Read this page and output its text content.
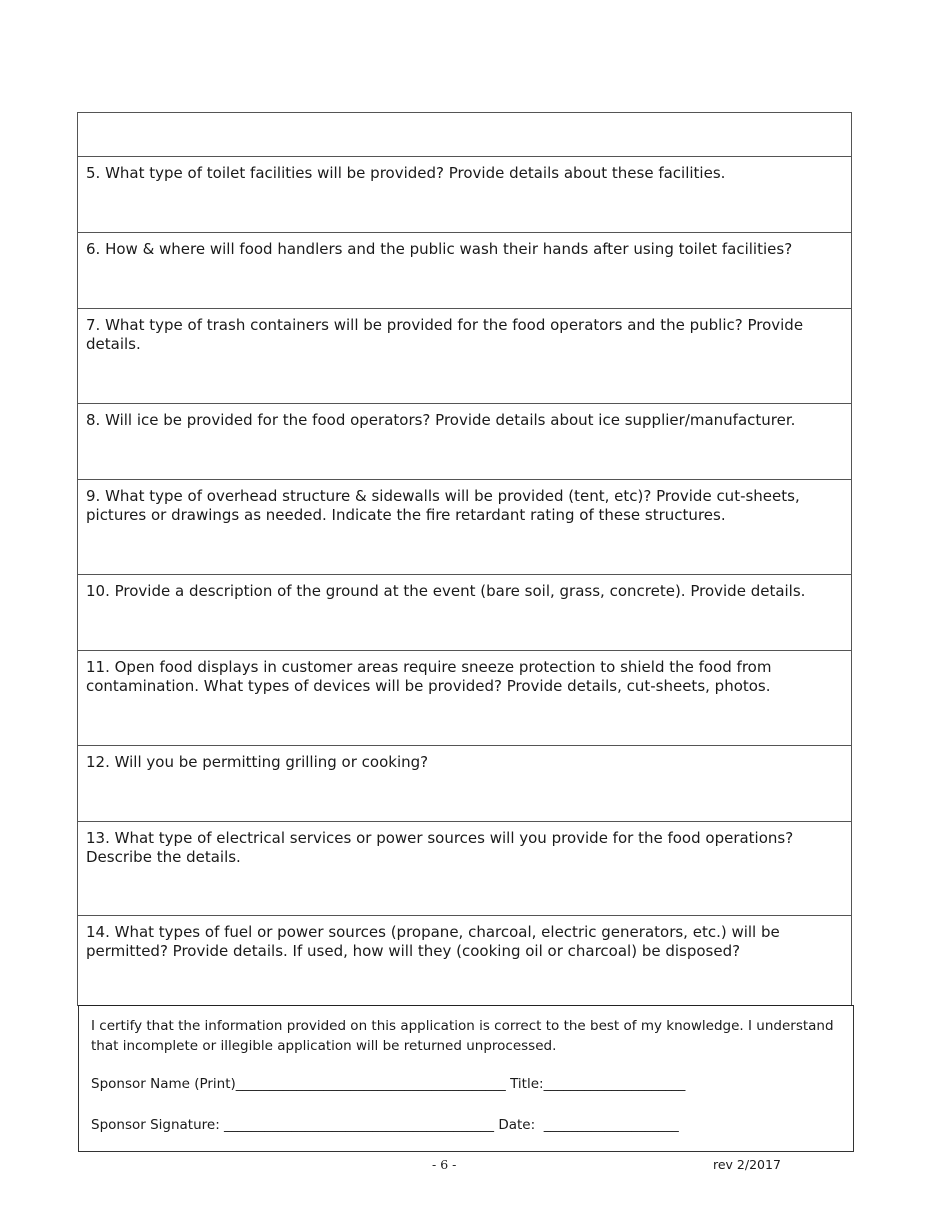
5. What type of toilet facilities will be provided? Provide details about these facilities.
6. How & where will food handlers and the public wash their hands after using toilet facilities?
7. What type of trash containers will be provided for the food operators and the public? Provide details.
8. Will ice be provided for the food operators? Provide details about ice supplier/manufacturer.
9. What type of overhead structure & sidewalls will be provided (tent, etc)? Provide cut-sheets, pictures or drawings as needed. Indicate the fire retardant rating of these structures.
10. Provide a description of the ground at the event (bare soil, grass, concrete). Provide details.
11. Open food displays in customer areas require sneeze protection to shield the food from contamination. What types of devices will be provided? Provide details, cut-sheets, photos.
12. Will you be permitting grilling or cooking?
13. What type of electrical services or power sources will you provide for the food operations? Describe the details.
14. What types of fuel or power sources (propane, charcoal, electric generators, etc.) will be permitted? Provide details. If used, how will they (cooking oil or charcoal) be disposed?

I certify that the information provided on this application is correct to the best of my knowledge. I understand that incomplete or illegible application will be returned unprocessed.

Sponsor Name (Print)________________________________________ Title:_____________________
Sponsor Signature: ________________________________________ Date:  ____________________
- 6 -	rev 2/2017
